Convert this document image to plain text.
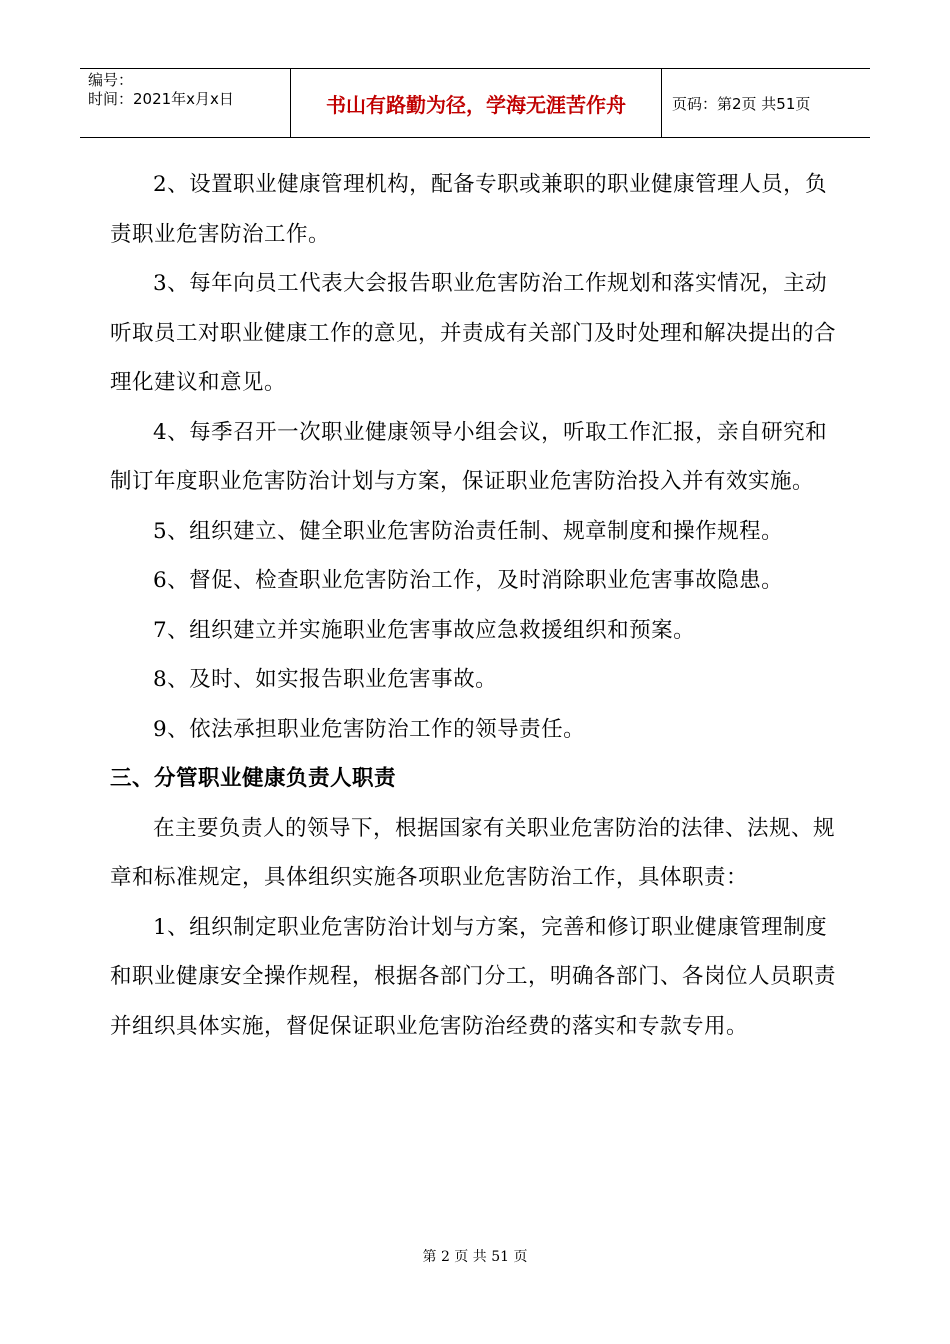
编号：
时间：2021年x月x日	书山有路勤为径，学海无涯苦作舟	页码：第2页 共51页

2、设置职业健康管理机构，配备专职或兼职的职业健康管理人员，负责职业危害防治工作。

3、每年向员工代表大会报告职业危害防治工作规划和落实情况，主动听取员工对职业健康工作的意见，并责成有关部门及时处理和解决提出的合理化建议和意见。

4、每季召开一次职业健康领导小组会议，听取工作汇报，亲自研究和制订年度职业危害防治计划与方案，保证职业危害防治投入并有效实施。

5、组织建立、健全职业危害防治责任制、规章制度和操作规程。

6、督促、检查职业危害防治工作，及时消除职业危害事故隐患。

7、组织建立并实施职业危害事故应急救援组织和预案。

8、及时、如实报告职业危害事故。

9、依法承担职业危害防治工作的领导责任。

三、分管职业健康负责人职责

在主要负责人的领导下，根据国家有关职业危害防治的法律、法规、规章和标准规定，具体组织实施各项职业危害防治工作，具体职责：

1、组织制定职业危害防治计划与方案，完善和修订职业健康管理制度和职业健康安全操作规程，根据各部门分工，明确各部门、各岗位人员职责并组织具体实施，督促保证职业危害防治经费的落实和专款专用。

第 2 页 共 51 页
